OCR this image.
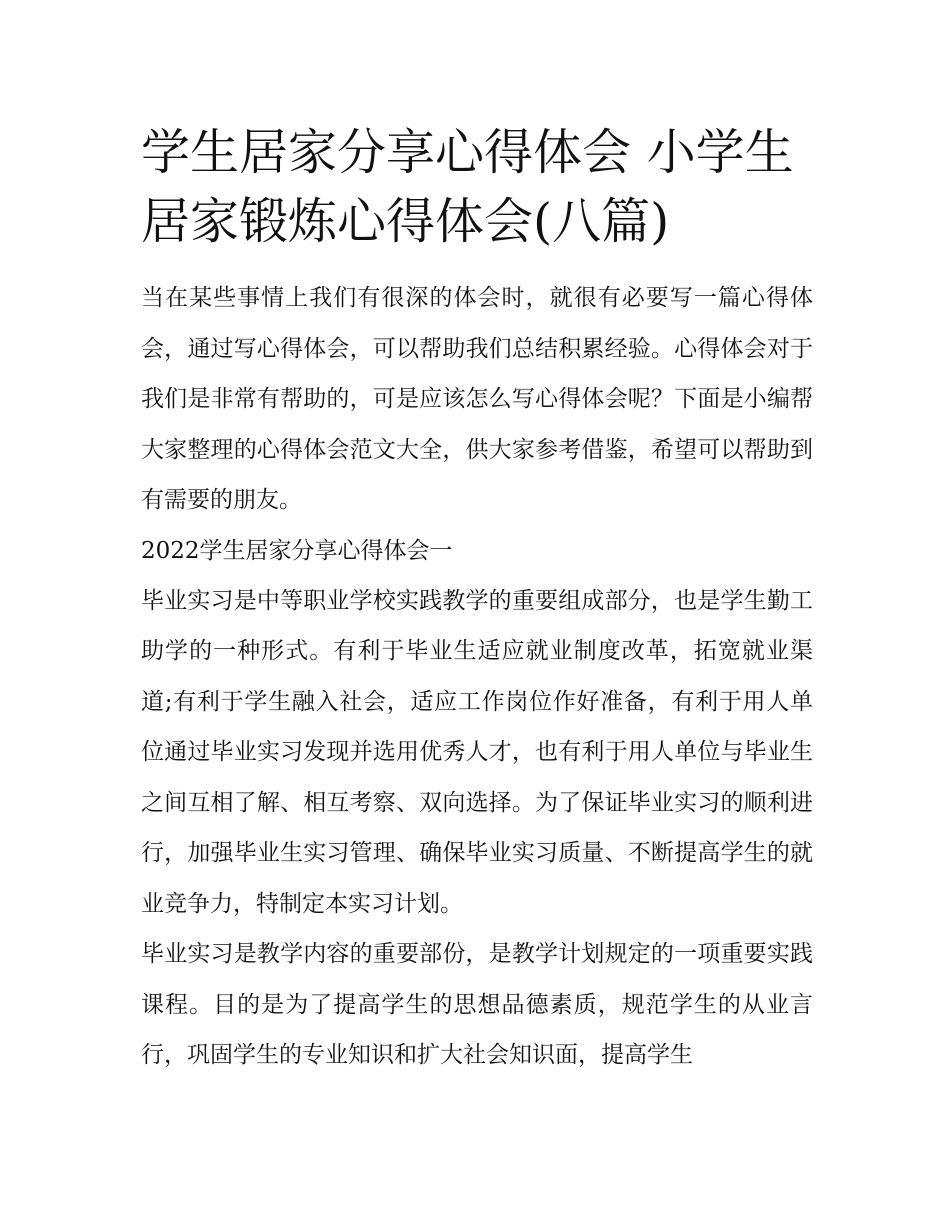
学生居家分享心得体会 小学生居家锻炼心得体会(八篇)

当在某些事情上我们有很深的体会时，就很有必要写一篇心得体会，通过写心得体会，可以帮助我们总结积累经验。心得体会对于我们是非常有帮助的，可是应该怎么写心得体会呢？下面是小编帮大家整理的心得体会范文大全，供大家参考借鉴，希望可以帮助到有需要的朋友。

2022学生居家分享心得体会一

毕业实习是中等职业学校实践教学的重要组成部分，也是学生勤工助学的一种形式。有利于毕业生适应就业制度改革，拓宽就业渠道;有利于学生融入社会，适应工作岗位作好准备，有利于用人单位通过毕业实习发现并选用优秀人才，也有利于用人单位与毕业生之间互相了解、相互考察、双向选择。为了保证毕业实习的顺利进行，加强毕业生实习管理、确保毕业实习质量、不断提高学生的就业竞争力，特制定本实习计划。

毕业实习是教学内容的重要部份，是教学计划规定的一项重要实践课程。目的是为了提高学生的思想品德素质，规范学生的从业言行，巩固学生的专业知识和扩大社会知识面，提高学生
